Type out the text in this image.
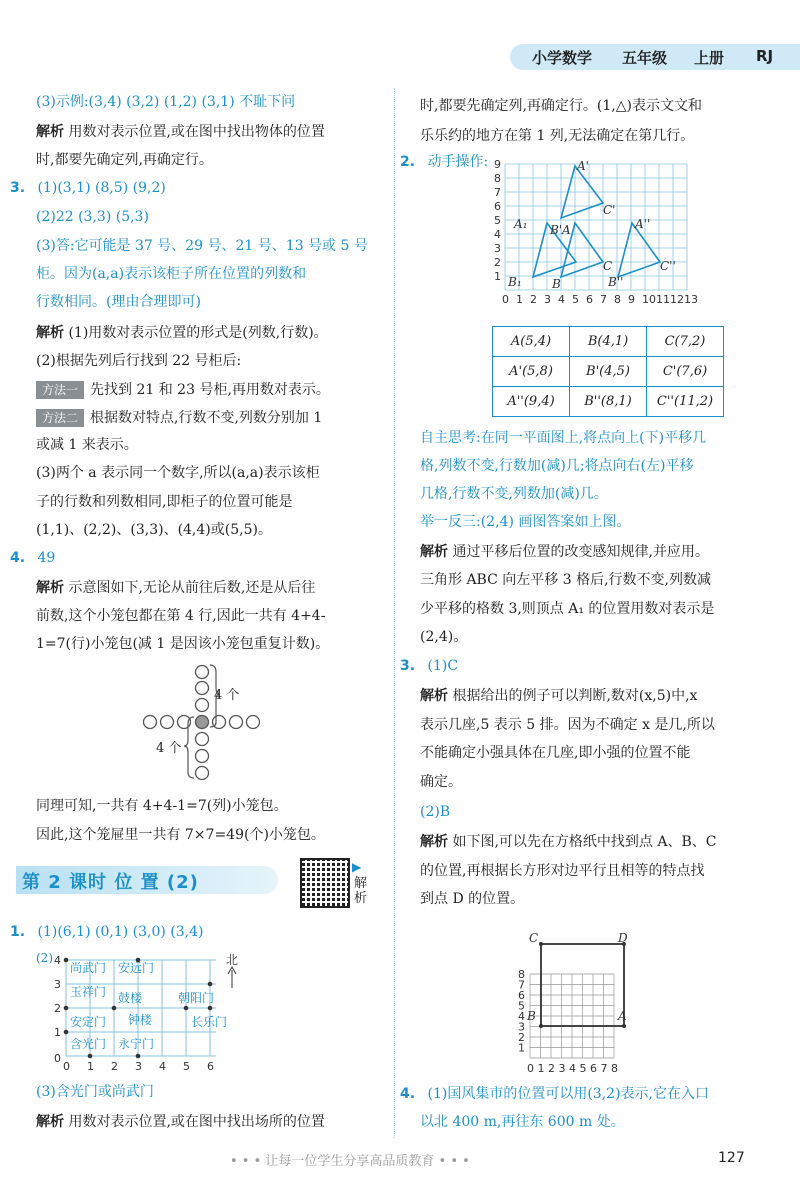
小学数学 五年级 上册 RJ
(3)示例:(3,4) (3,2) (1,2) (3,1) 不耻下问
解析 用数对表示位置,或在图中找出物体的位置
时,都要先确定列,再确定行。
3. (1)(3,1) (8,5) (9,2)
(2)22 (3,3) (5,3)
(3)答:它可能是 37 号、29 号、21 号、13 号或 5 号
柜。因为(a,a)表示该柜子所在位置的列数和
行数相同。(理由合理即可)
解析 (1)用数对表示位置的形式是(列数,行数)。
(2)根据先列后行找到 22 号柜后:
方法一 先找到 21 和 23 号柜,再用数对表示。
方法二 根据数对特点,行数不变,列数分别加 1
或减 1 来表示。
(3)两个 a 表示同一个数字,所以(a,a)表示该柜
子的行数和列数相同,即柜子的位置可能是
(1,1)、(2,2)、(3,3)、(4,4)或(5,5)。
4. 49
解析 示意图如下,无论从前往后数,还是从后往
前数,这个小笼包都在第 4 行,因此一共有 4+4-
1=7(行)小笼包(减 1 是因该小笼包重复计数)。
4 个
4 个
同理可知,一共有 4+4-1=7(列)小笼包。
因此,这个笼屉里一共有 7×7=49(个)小笼包。
第 2 课时 位 置 (2)
▶
解析
1. (1)(6,1) (0,1) (3,0) (3,4)
(2)
尚武门 安远门
玉祥门 鼓楼	朝阳门
安定门 钟楼	长乐门
含光门 永宁门
4
3
2
1
0
0 1 2 3 4 5 6
北
(3)含光门或尚武门
解析 用数对表示位置,或在图中找出场所的位置
时,都要先确定列,再确定行。(1,△)表示文文和
乐乐约的地方在第 1 列,无法确定在第几行。
2. 动手操作:	A'
B'
C'
A
B
C
A₁
B₁
A''
B''
C''
0 1 2 3 4 5 6 7 8 9 10 11 12 13
1
2
3
4
5
6
7
8
9
A(5,4)	B(4,1)	C(7,2)
A'(5,8)	B'(4,5)	C'(7,6)
A''(9,4)	B''(8,1)	C''(11,2)
自主思考:在同一平面图上,将点向上(下)平移几
格,列数不变,行数加(减)几;将点向右(左)平移
几格,行数不变,列数加(减)几。
举一反三:(2,4) 画图答案如上图。
解析 通过平移后位置的改变感知规律,并应用。
三角形 ABC 向左平移 3 格后,行数不变,列数减
少平移的格数 3,则顶点 A₁ 的位置用数对表示是
(2,4)。
3. (1)C
解析 根据给出的例子可以判断,数对(x,5)中,x
表示几座,5 表示 5 排。因为不确定 x 是几,所以
不能确定小强具体在几座,即小强的位置不能
确定。
(2)B
解析 如下图,可以先在方格纸中找到点 A、B、C
的位置,再根据长方形对边平行且相等的特点找
到点 D 的位置。
C	D
B	A
0 1 2 3 4 5 6 7 8
1
2
3
4
5
6
7
8
4. (1)国风集市的位置可以用(3,2)表示,它在入口
以北 400 m,再往东 600 m 处。
• • • 让每一位学生分享高品质教育 • • •	127
